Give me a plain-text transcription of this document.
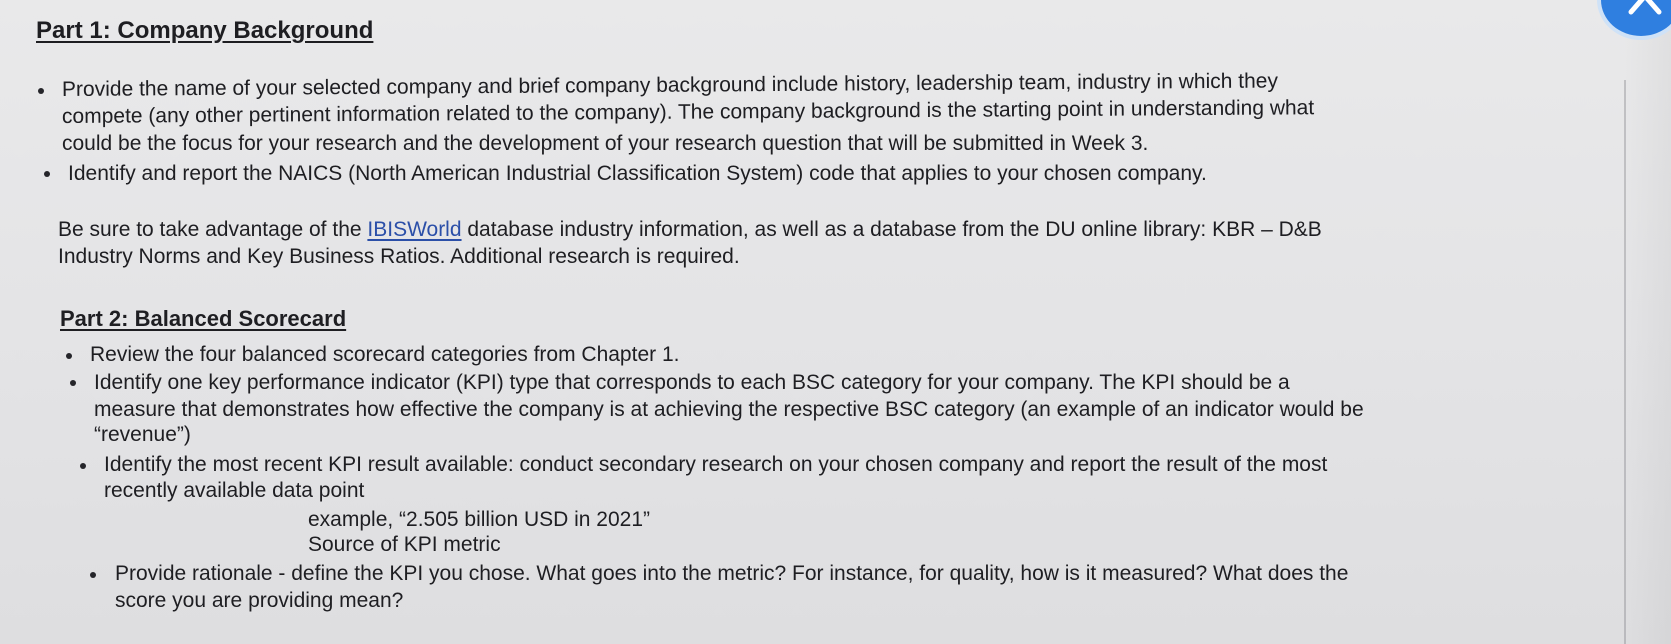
Part 1: Company Background
Provide the name of your selected company and brief company background include history, leadership team, industry in which they
compete (any other pertinent information related to the company). The company background is the starting point in understanding what
could be the focus for your research and the development of your research question that will be submitted in Week 3.
Identify and report the NAICS (North American Industrial Classification System) code that applies to your chosen company.
Be sure to take advantage of the IBISWorld database industry information, as well as a database from the DU online library: KBR – D&B
Industry Norms and Key Business Ratios. Additional research is required.
Part 2: Balanced Scorecard
Review the four balanced scorecard categories from Chapter 1.
Identify one key performance indicator (KPI) type that corresponds to each BSC category for your company. The KPI should be a
measure that demonstrates how effective the company is at achieving the respective BSC category (an example of an indicator would be
“revenue”)
Identify the most recent KPI result available: conduct secondary research on your chosen company and report the result of the most
recently available data point
example, “2.505 billion USD in 2021”
Source of KPI metric
Provide rationale - define the KPI you chose. What goes into the metric? For instance, for quality, how is it measured? What does the
score you are providing mean?
